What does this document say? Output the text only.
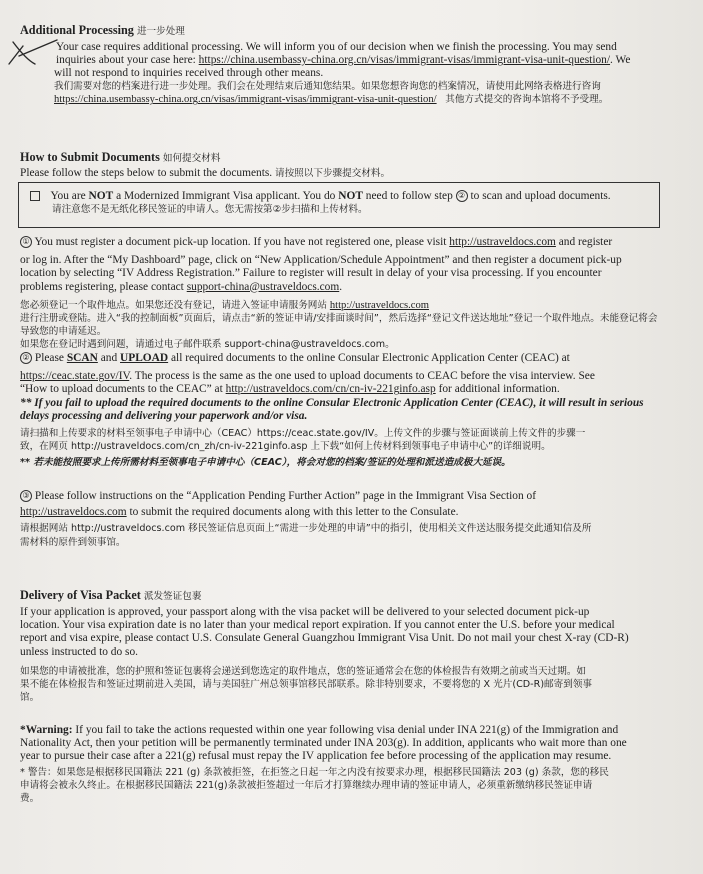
Additional Processing 进一步处理
Your case requires additional processing. We will inform you of our decision when we finish the processing. You may send
inquiries about your case here: https://china.usembassy-china.org.cn/visas/immigrant-visas/immigrant-visa-unit-question/. We
will not respond to inquiries received through other means.
我们需要对您的档案进行进一步处理。我们会在处理结束后通知您结果。如果您想咨询您的档案情况，请使用此网络表格进行咨询
https://china.usembassy-china.org.cn/visas/immigrant-visas/immigrant-visa-unit-question/ 其他方式提交的咨询本馆将不予受理。
How to Submit Documents 如何提交材料
Please follow the steps below to submit the documents. 请按照以下步骤提交材料。
You are NOT a Modernized Immigrant Visa applicant. You do NOT need to follow step ② to scan and upload documents.
请注意您不是无纸化移民签证的申请人。您无需按第②步扫描和上传材料。
① You must register a document pick-up location. If you have not registered one, please visit http://ustraveldocs.com and register
or log in. After the “My Dashboard” page, click on “New Application/Schedule Appointment” and then register a document pick-up
location by selecting “IV Address Registration.” Failure to register will result in delay of your visa processing. If you encounter
problems registering, please contact support-china@ustraveldocs.com.
您必须登记一个取件地点。如果您还没有登记，请进入签证申请服务网站 http://ustraveldocs.com
进行注册或登陆。进入“我的控制面板”页面后，请点击“新的签证申请/安排面谈时间”，然后选择“登记文件送达地址”登记一个取件地点。未能登记将会导致您的申请延迟。
如果您在登记时遇到问题，请通过电子邮件联系 support-china@ustraveldocs.com。
② Please SCAN and UPLOAD all required documents to the online Consular Electronic Application Center (CEAC) at
https://ceac.state.gov/IV. The process is the same as the one used to upload documents to CEAC before the visa interview. See
“How to upload documents to the CEAC” at http://ustraveldocs.com/cn/cn-iv-221ginfo.asp for additional information.
** If you fail to upload the required documents to the online Consular Electronic Application Center (CEAC), it will result in serious delays processing and delivering your paperwork and/or visa.
请扫描和上传要求的材料至领事电子申请中心（CEAC）https://ceac.state.gov/IV。上传文件的步骤与签证面谈前上传文件的步骤一
致，在网页 http://ustraveldocs.com/cn_zh/cn-iv-221ginfo.asp 上下载“如何上传材料到领事电子申请中心”的详细说明。
** 若未能按照要求上传所需材料至领事电子申请中心（CEAC），将会对您的档案/签证的处理和派送造成极大延误。
③ Please follow instructions on the “Application Pending Further Action” page in the Immigrant Visa Section of
http://ustraveldocs.com to submit the required documents along with this letter to the Consulate.
请根据网站 http://ustraveldocs.com 移民签证信息页面上“需进一步处理的申请”中的指引，使用相关文件送达服务提交此通知信及所
需材料的原件到领事馆。
Delivery of Visa Packet 派发签证包裹
If your application is approved, your passport along with the visa packet will be delivered to your selected document pick-up
location. Your visa expiration date is no later than your medical report expiration. If you cannot enter the U.S. before your medical
report and visa expire, please contact U.S. Consulate General Guangzhou Immigrant Visa Unit. Do not mail your chest X-ray (CD-R)
unless instructed to do so.
如果您的申请被批准，您的护照和签证包裹将会递送到您选定的取件地点，您的签证通常会在您的体检报告有效期之前或当天过期。如
果不能在体检报告和签证过期前进入美国，请与美国驻广州总领事馆移民部联系。除非特别要求，不要将您的 X 光片(CD-R)邮寄到领事
馆。
*Warning: If you fail to take the actions requested within one year following visa denial under INA 221(g) of the Immigration and
Nationality Act, then your petition will be permanently terminated under INA 203(g). In addition, applicants who wait more than one
year to pursue their case after a 221(g) refusal must repay the IV application fee before processing of the application may resume.
* 警告：如果您是根据移民国籍法 221 (g) 条款被拒签，在拒签之日起一年之内没有按要求办理，根据移民国籍法 203 (g) 条款，您的移民
申请将会被永久终止。在根据移民国籍法 221(g)条款被拒签超过一年后才打算继续办理申请的签证申请人，必须重新缴纳移民签证申请
费。
